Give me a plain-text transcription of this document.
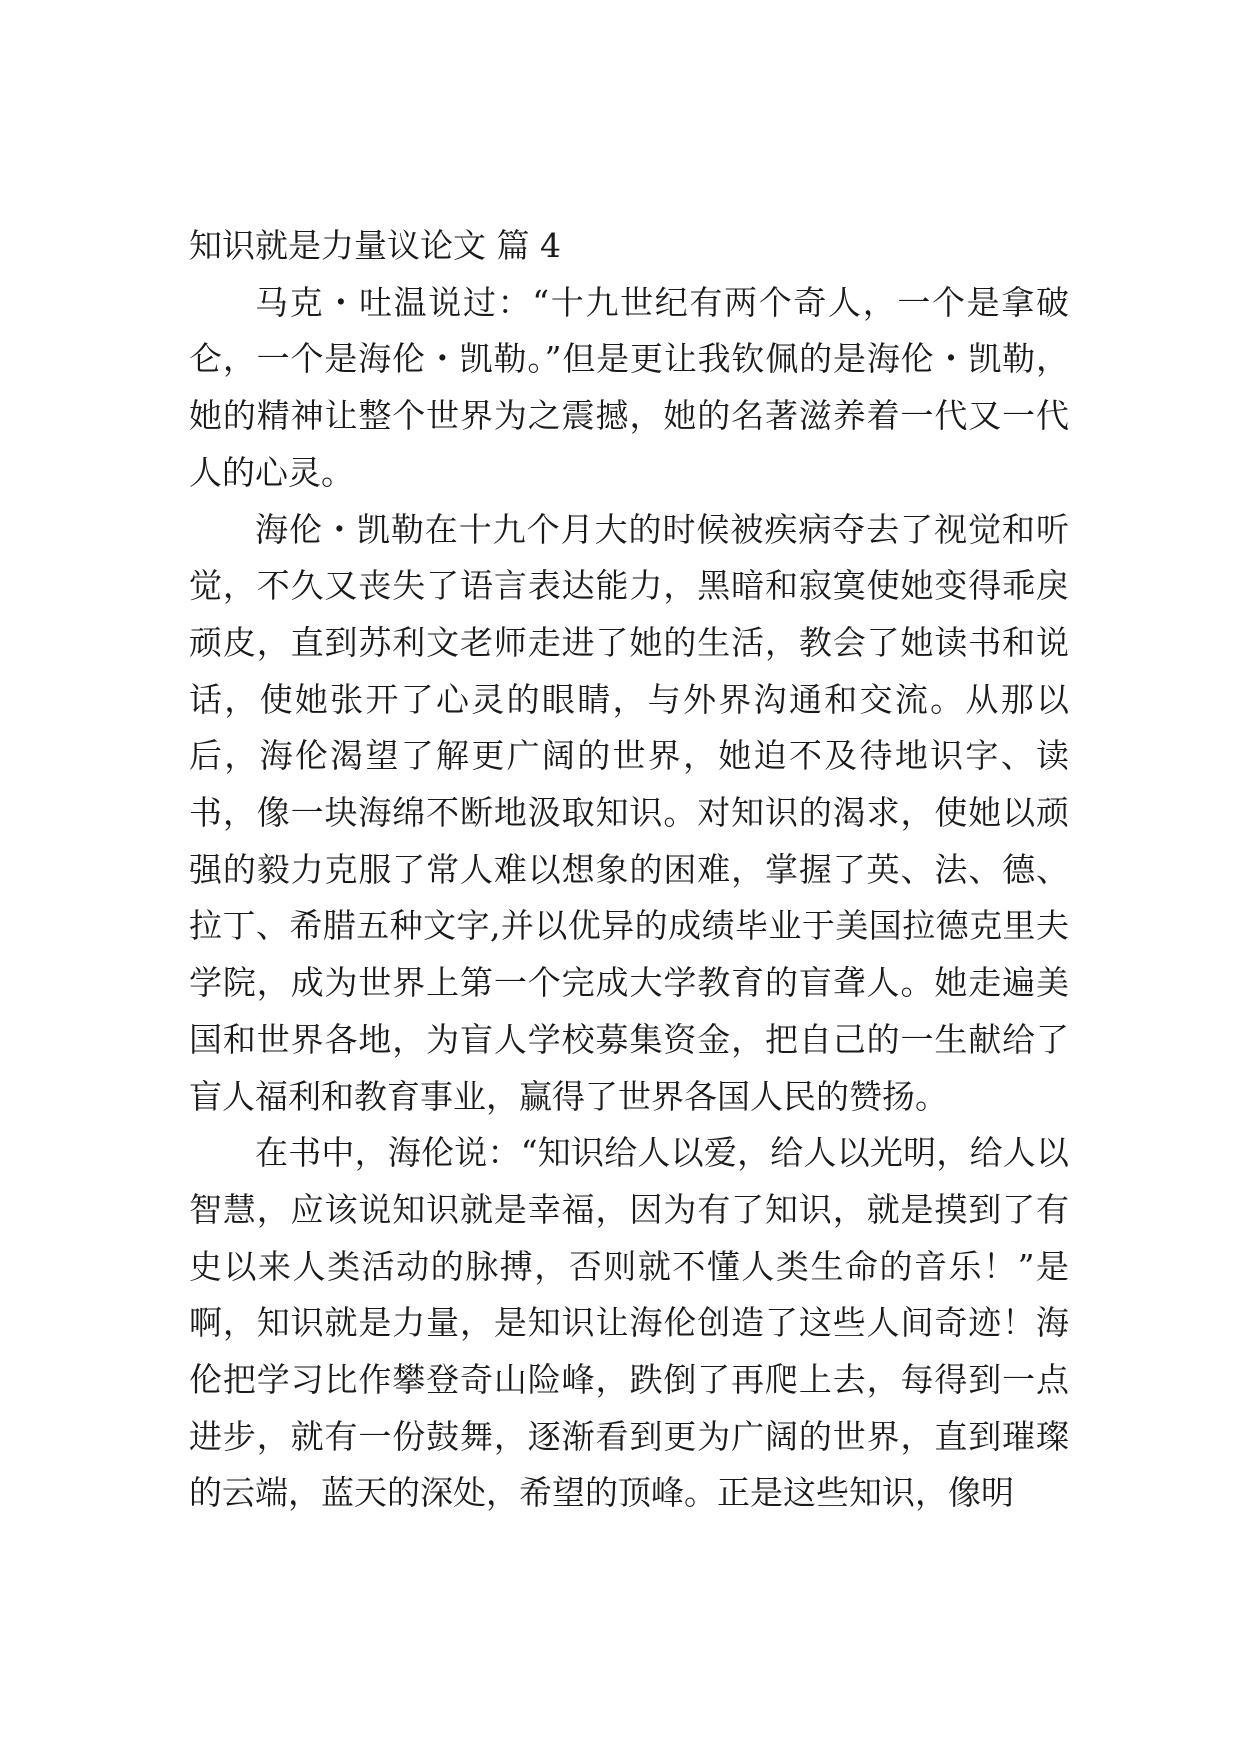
知识就是力量议论文 篇 4

马克・吐温说过：“十九世纪有两个奇人，一个是拿破仑，一个是海伦・凯勒。”但是更让我钦佩的是海伦・凯勒，她的精神让整个世界为之震撼，她的名著滋养着一代又一代人的心灵。

海伦・凯勒在十九个月大的时候被疾病夺去了视觉和听觉，不久又丧失了语言表达能力，黑暗和寂寞使她变得乖戾顽皮，直到苏利文老师走进了她的生活，教会了她读书和说话，使她张开了心灵的眼睛，与外界沟通和交流。从那以后，海伦渴望了解更广阔的世界，她迫不及待地识字、读书，像一块海绵不断地汲取知识。对知识的渴求，使她以顽强的毅力克服了常人难以想象的困难，掌握了英、法、德、拉丁、希腊五种文字,并以优异的成绩毕业于美国拉德克里夫学院，成为世界上第一个完成大学教育的盲聋人。她走遍美国和世界各地，为盲人学校募集资金，把自己的一生献给了盲人福利和教育事业，赢得了世界各国人民的赞扬。

在书中，海伦说：“知识给人以爱，给人以光明，给人以智慧，应该说知识就是幸福，因为有了知识，就是摸到了有史以来人类活动的脉搏，否则就不懂人类生命的音乐！”是啊，知识就是力量，是知识让海伦创造了这些人间奇迹！海伦把学习比作攀登奇山险峰，跌倒了再爬上去，每得到一点进步，就有一份鼓舞，逐渐看到更为广阔的世界，直到璀璨的云端，蓝天的深处，希望的顶峰。正是这些知识，像明
